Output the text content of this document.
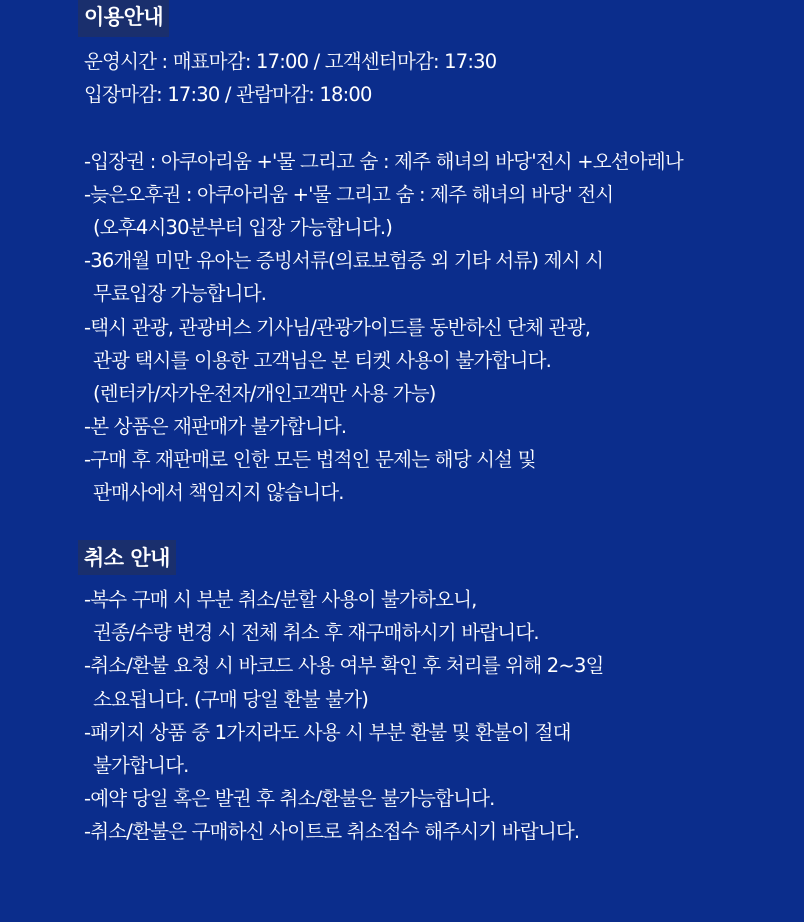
이용안내
운영시간 : 매표마감: 17:00 / 고객센터마감: 17:30
입장마감: 17:30 / 관람마감: 18:00
-입장권 : 아쿠아리움 +'물 그리고 숨 : 제주 해녀의 바당'전시 +오션아레나
-늦은오후권 : 아쿠아리움 +'물 그리고 숨 : 제주 해녀의 바당' 전시
(오후4시30분부터 입장 가능합니다.)
-36개월 미만 유아는 증빙서류(의료보험증 외 기타 서류) 제시 시
무료입장 가능합니다.
-택시 관광, 관광버스 기사님/관광가이드를 동반하신 단체 관광,
관광 택시를 이용한 고객님은 본 티켓 사용이 불가합니다.
(렌터카/자가운전자/개인고객만 사용 가능)
-본 상품은 재판매가 불가합니다.
-구매 후 재판매로 인한 모든 법적인 문제는 해당 시설 및
판매사에서 책임지지 않습니다.
취소 안내
-복수 구매 시 부분 취소/분할 사용이 불가하오니,
권종/수량 변경 시 전체 취소 후 재구매하시기 바랍니다.
-취소/환불 요청 시 바코드 사용 여부 확인 후 처리를 위해 2~3일
소요됩니다. (구매 당일 환불 불가)
-패키지 상품 중 1가지라도 사용 시 부분 환불 및 환불이 절대
불가합니다.
-예약 당일 혹은 발권 후 취소/환불은 불가능합니다.
-취소/환불은 구매하신 사이트로 취소접수 해주시기 바랍니다.
